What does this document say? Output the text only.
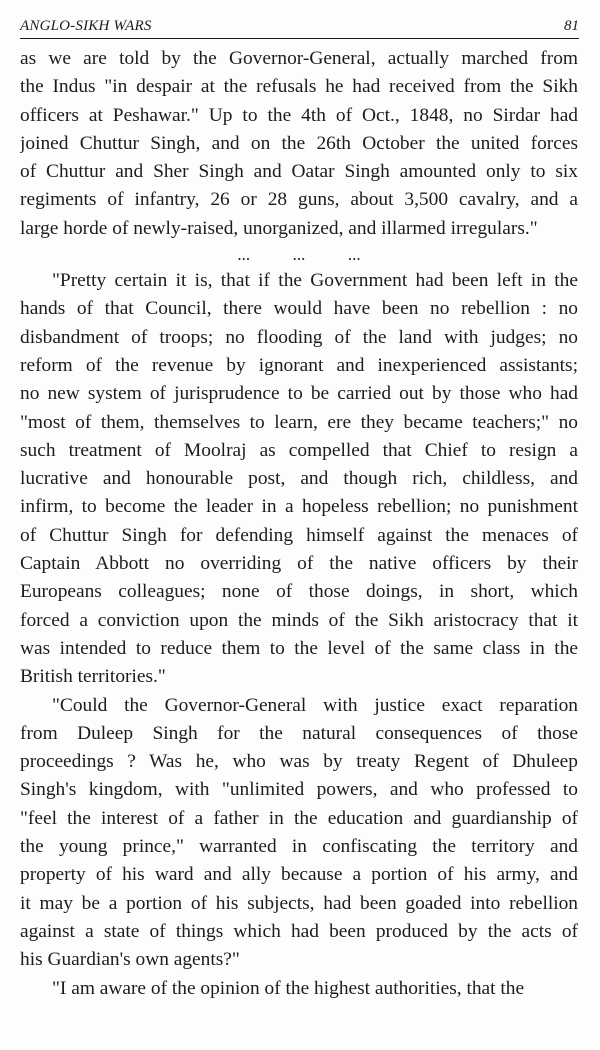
ANGLO-SIKH WARS	81
as we are told by the Governor-General, actually marched from
the Indus "in despair at the refusals he had received from the Sikh
officers at Peshawar." Up to the 4th of Oct., 1848, no Sirdar had
joined Chuttur Singh, and on the 26th October the united forces
of Chuttur and Sher Singh and Oatar Singh amounted only to six
regiments of infantry, 26 or 28 guns, about 3,500 cavalry, and a
large horde of newly-raised, unorganized, and illarmed irregulars."
...          ...          ...
"Pretty certain it is, that if the Government had been left in the
hands of that Council, there would have been no rebellion : no
disbandment of troops; no flooding of the land with judges; no
reform of the revenue by ignorant and inexperienced assistants;
no new system of jurisprudence to be carried out by those who had
"most of them, themselves to learn, ere they became teachers;" no
such treatment of Moolraj as compelled that Chief to resign a
lucrative and honourable post, and though rich, childless, and
infirm, to become the leader in a hopeless rebellion; no punishment
of Chuttur Singh for defending himself against the menaces of
Captain Abbott no overriding of the native officers by their
Europeans colleagues; none of those doings, in short, which
forced a conviction upon the minds of the Sikh aristocracy that it
was intended to reduce them to the level of the same class in the
British territories."
"Could the Governor-General with justice exact reparation
from Duleep Singh for the natural consequences of those
proceedings ? Was he, who was by treaty Regent of Dhuleep
Singh's kingdom, with "unlimited powers, and who professed to
"feel the interest of a father in the education and guardianship of
the young prince," warranted in confiscating the territory and
property of his ward and ally because a portion of his army, and
it may be a portion of his subjects, had been goaded into rebellion
against a state of things which had been produced by the acts of
his Guardian's own agents?"
"I am aware of the opinion of the highest authorities, that the
